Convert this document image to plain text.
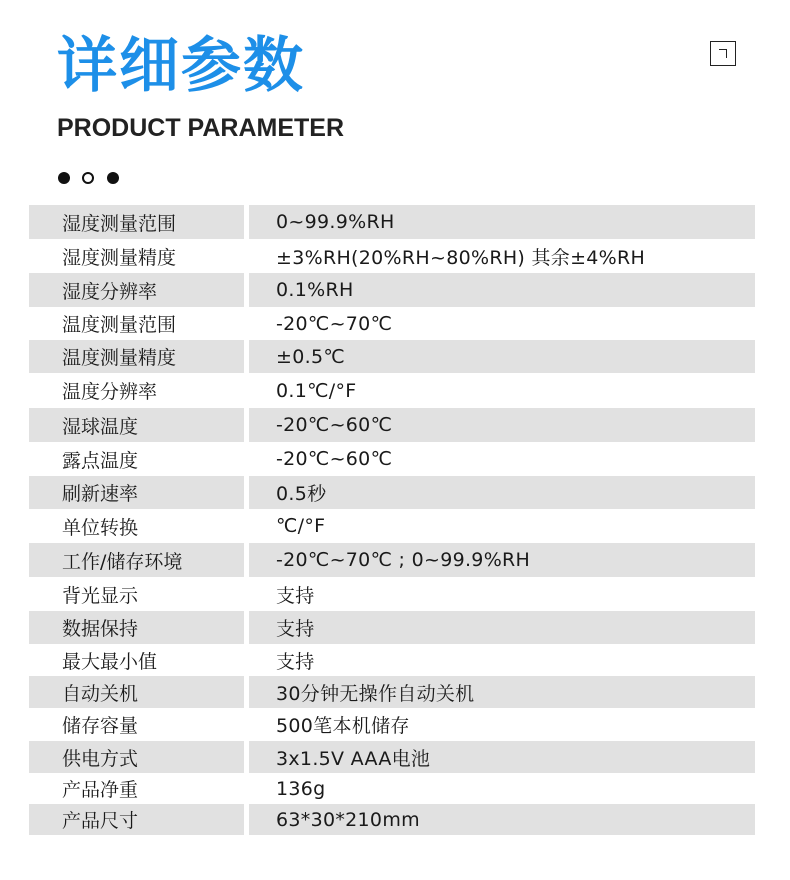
详细参数
PRODUCT PARAMETER
湿度测量范围	0~99.9%RH
湿度测量精度	±3%RH(20%RH~80%RH) 其余±4%RH
湿度分辨率	0.1%RH
温度测量范围	-20℃~70℃
温度测量精度	±0.5℃
温度分辨率	0.1℃/°F
湿球温度	-20℃~60℃
露点温度	-20℃~60℃
刷新速率	0.5秒
单位转换	℃/°F
工作/储存环境	-20℃~70℃ ; 0~99.9%RH
背光显示	支持
数据保持	支持
最大最小值	支持
自动关机	30分钟无操作自动关机
储存容量	500笔本机储存
供电方式	3x1.5V AAA电池
产品净重	136g
产品尺寸	63*30*210mm
